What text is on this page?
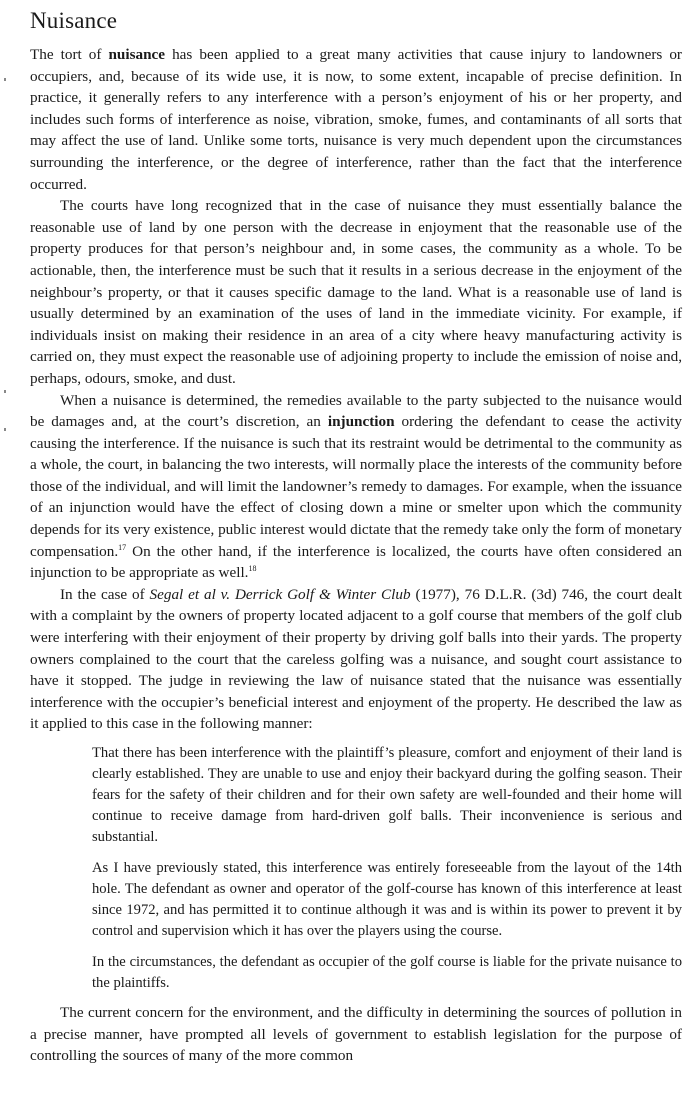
Nuisance

The tort of nuisance has been applied to a great many activities that cause injury to landowners or occupiers, and, because of its wide use, it is now, to some extent, incapable of precise definition. In practice, it generally refers to any interference with a person’s enjoyment of his or her property, and includes such forms of interference as noise, vibration, smoke, fumes, and contaminants of all sorts that may affect the use of land. Unlike some torts, nuisance is very much dependent upon the circumstances surrounding the interference, or the degree of interference, rather than the fact that the interference occurred.

The courts have long recognized that in the case of nuisance they must essentially balance the reasonable use of land by one person with the decrease in enjoyment that the reasonable use of the property produces for that person’s neighbour and, in some cases, the community as a whole. To be actionable, then, the interference must be such that it results in a serious decrease in the enjoyment of the neighbour’s property, or that it causes specific damage to the land. What is a reasonable use of land is usually determined by an examination of the uses of land in the immediate vicinity. For example, if individuals insist on making their residence in an area of a city where heavy manufacturing activity is carried on, they must expect the reasonable use of adjoining property to include the emission of noise and, perhaps, odours, smoke, and dust.

When a nuisance is determined, the remedies available to the party subjected to the nuisance would be damages and, at the court’s discretion, an injunction ordering the defendant to cease the activity causing the interference. If the nuisance is such that its restraint would be detrimental to the community as a whole, the court, in balancing the two interests, will normally place the interests of the community before those of the individual, and will limit the landowner’s remedy to damages. For example, when the issuance of an injunction would have the effect of closing down a mine or smelter upon which the community depends for its very existence, public interest would dictate that the remedy take only the form of monetary compensation.$^{17}$ On the other hand, if the interference is localized, the courts have often considered an injunction to be appropriate as well.$^{18}$

In the case of Segal et al v. Derrick Golf & Winter Club (1977), 76 D.L.R. (3d) 746, the court dealt with a complaint by the owners of property located adjacent to a golf course that members of the golf club were interfering with their enjoyment of their property by driving golf balls into their yards. The property owners complained to the court that the careless golfing was a nuisance, and sought court assistance to have it stopped. The judge in reviewing the law of nuisance stated that the nuisance was essentially interference with the occupier’s beneficial interest and enjoyment of the property. He described the law as it applied to this case in the following manner:

That there has been interference with the plaintiff’s pleasure, comfort and enjoyment of their land is clearly established. They are unable to use and enjoy their backyard during the golfing season. Their fears for the safety of their children and for their own safety are well-founded and their home will continue to receive damage from hard-driven golf balls. Their inconvenience is serious and substantial.

As I have previously stated, this interference was entirely foreseeable from the layout of the 14th hole. The defendant as owner and operator of the golf-course has known of this interference at least since 1972, and has permitted it to continue although it was and is within its power to prevent it by control and supervision which it has over the players using the course.

In the circumstances, the defendant as occupier of the golf course is liable for the private nuisance to the plaintiffs.

The current concern for the environment, and the difficulty in determining the sources of pollution in a precise manner, have prompted all levels of government to establish legislation for the purpose of controlling the sources of many of the more common
